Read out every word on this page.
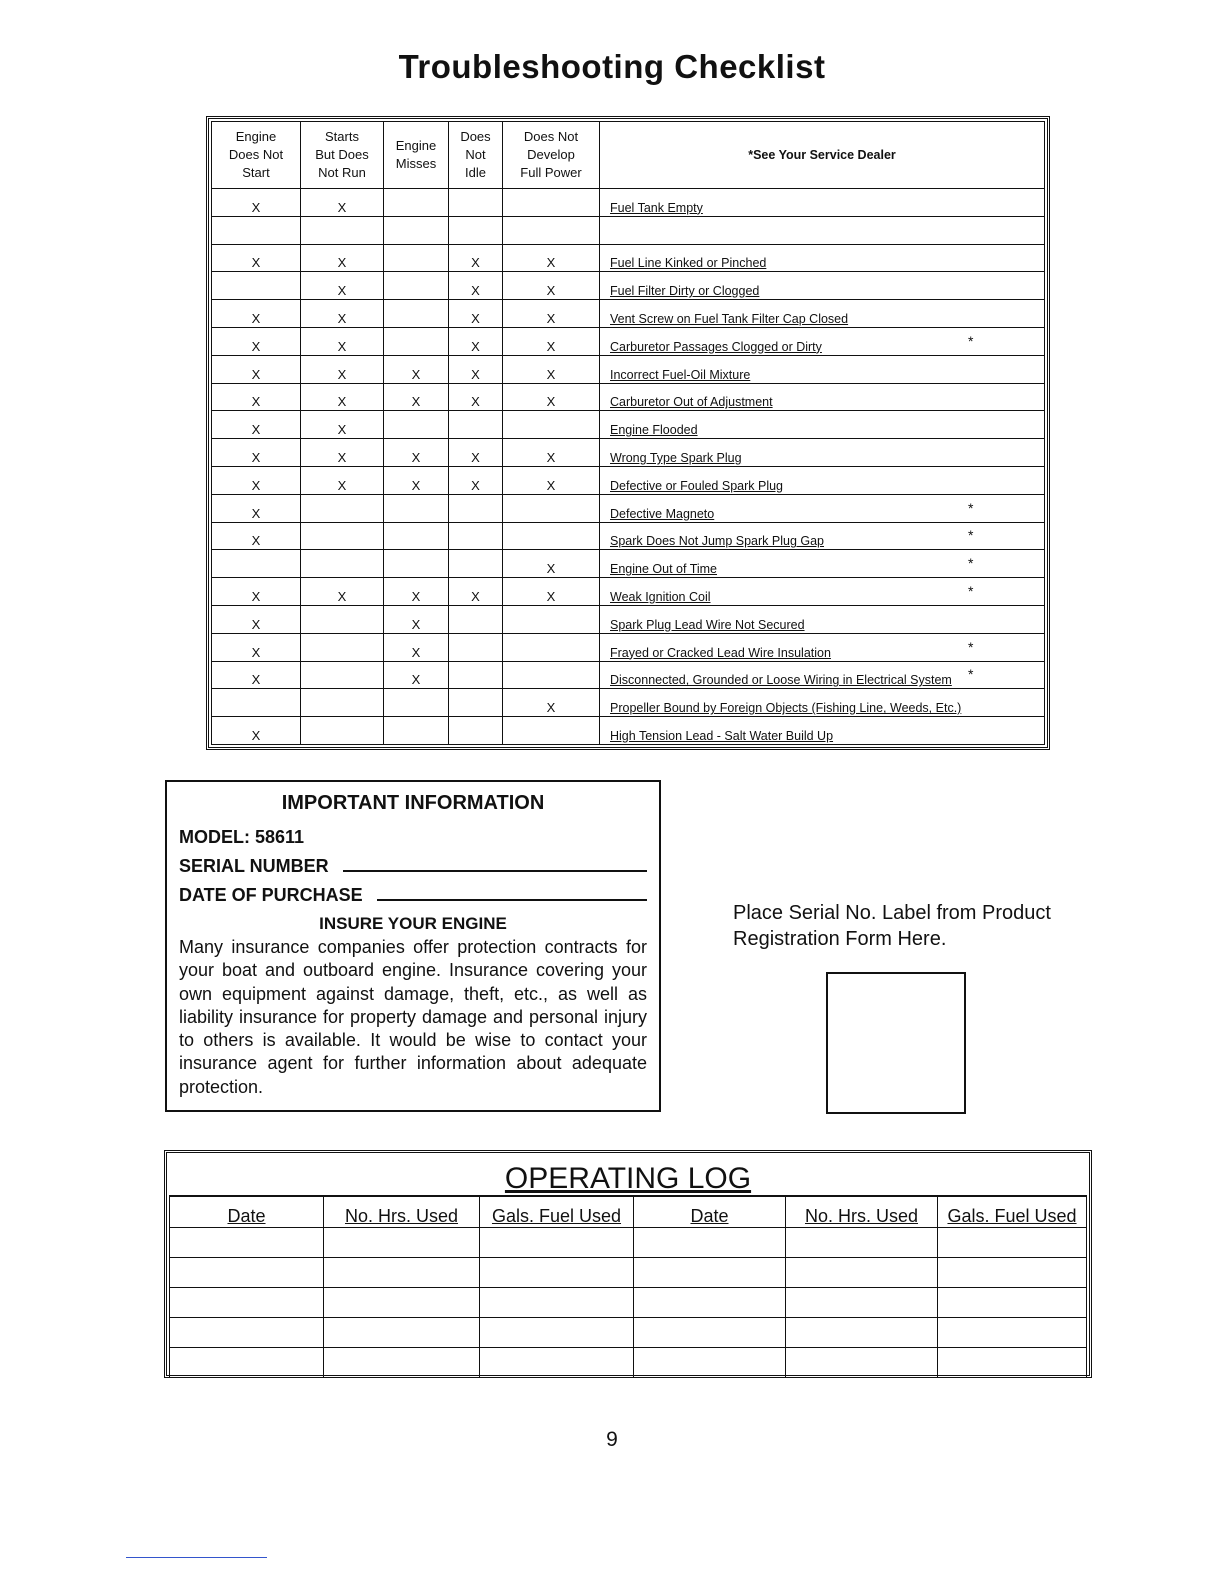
Troubleshooting Checklist
Engine
Does Not
Start	Starts
But Does
Not Run	Engine
Misses	Does
Not
Idle	Does Not
Develop
Full Power	*See Your Service Dealer
X	X				Fuel Tank Empty

X	X		X	X	Fuel Line Kinked or Pinched

	X		X	X	Fuel Filter Dirty or Clogged

X	X		X	X	Vent Screw on Fuel Tank Filter Cap Closed

X	X		X	X	Carburetor Passages Clogged or Dirty *

X	X	X	X	X	Incorrect Fuel-Oil Mixture

X	X	X	X	X	Carburetor Out of Adjustment

X	X				Engine Flooded

X	X	X	X	X	Wrong Type Spark Plug

X	X	X	X	X	Defective or Fouled Spark Plug

X					Defective Magneto *

X					Spark Does Not Jump Spark Plug Gap *

				X	Engine Out of Time *

X	X	X	X	X	Weak Ignition Coil *

X		X			Spark Plug Lead Wire Not Secured

X		X			Frayed or Cracked Lead Wire Insulation *

X		X			Disconnected, Grounded or Loose Wiring in Electrical System *

				X	Propeller Bound by Foreign Objects (Fishing Line, Weeds, Etc.)

X					High Tension Lead - Salt Water Build Up
IMPORTANT INFORMATION
MODEL: 58611
SERIAL NUMBER
DATE OF PURCHASE
INSURE YOUR ENGINE
Many insurance companies offer protection contracts for your boat and outboard engine. Insurance covering your own equipment against damage, theft, etc., as well as liability insurance for property damage and personal injury to others is available. It would be wise to contact your insurance agent for further information about adequate protection.
Place Serial No. Label from Product Registration Form Here.
OPERATING LOG
Date	No. Hrs. Used	Gals. Fuel Used	Date	No. Hrs. Used	Gals. Fuel Used

9
